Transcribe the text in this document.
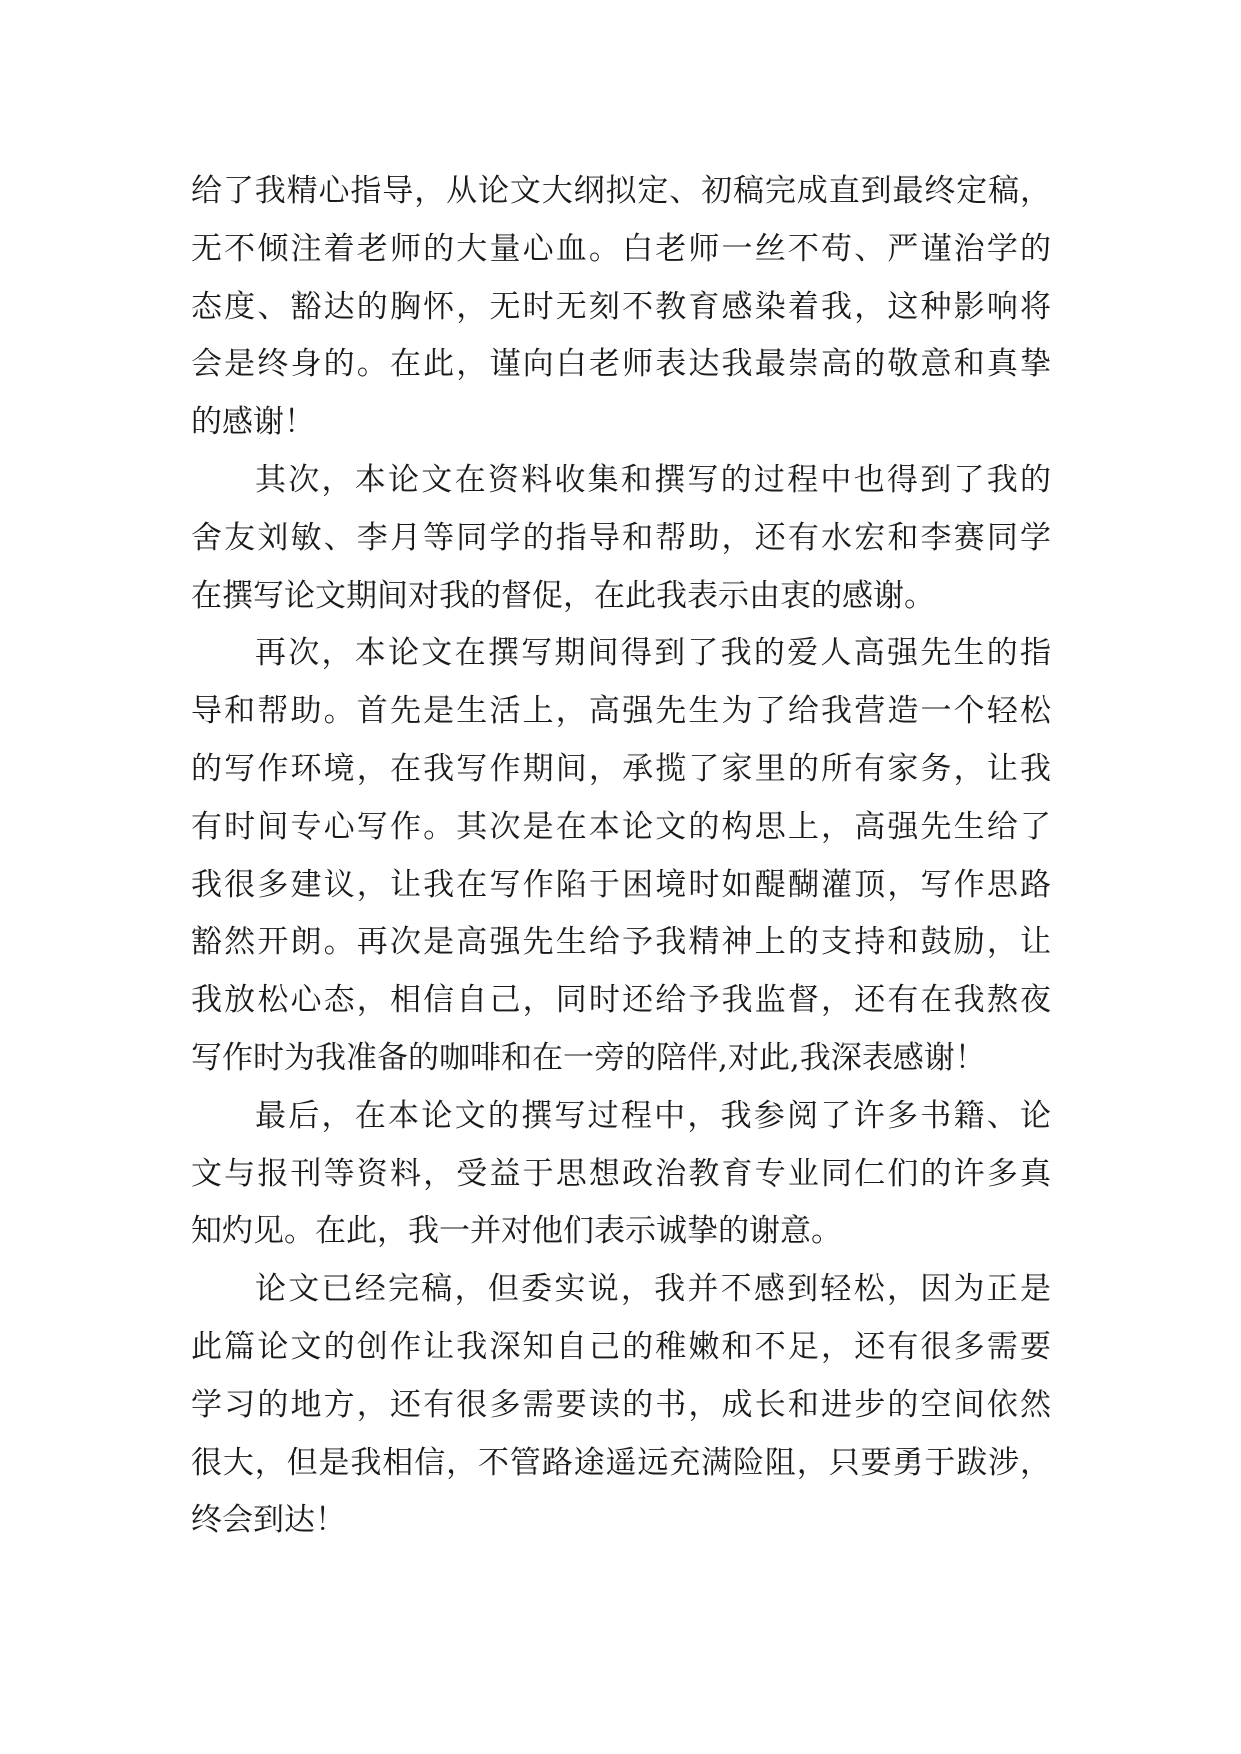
给了我精心指导，从论文大纲拟定、初稿完成直到最终定稿，
无不倾注着老师的大量心血。白老师一丝不苟、严谨治学的
态度、豁达的胸怀，无时无刻不教育感染着我，这种影响将
会是终身的。在此，谨向白老师表达我最崇高的敬意和真挚
的感谢！
其次，本论文在资料收集和撰写的过程中也得到了我的
舍友刘敏、李月等同学的指导和帮助，还有水宏和李赛同学
在撰写论文期间对我的督促，在此我表示由衷的感谢。
再次，本论文在撰写期间得到了我的爱人高强先生的指
导和帮助。首先是生活上，高强先生为了给我营造一个轻松
的写作环境，在我写作期间，承揽了家里的所有家务，让我
有时间专心写作。其次是在本论文的构思上，高强先生给了
我很多建议，让我在写作陷于困境时如醍醐灌顶，写作思路
豁然开朗。再次是高强先生给予我精神上的支持和鼓励，让
我放松心态，相信自己，同时还给予我监督，还有在我熬夜
写作时为我准备的咖啡和在一旁的陪伴,对此,我深表感谢！
最后，在本论文的撰写过程中，我参阅了许多书籍、论
文与报刊等资料，受益于思想政治教育专业同仁们的许多真
知灼见。在此，我一并对他们表示诚挚的谢意。
论文已经完稿，但委实说，我并不感到轻松，因为正是
此篇论文的创作让我深知自己的稚嫩和不足，还有很多需要
学习的地方，还有很多需要读的书，成长和进步的空间依然
很大，但是我相信，不管路途遥远充满险阻，只要勇于跋涉，
终会到达！
